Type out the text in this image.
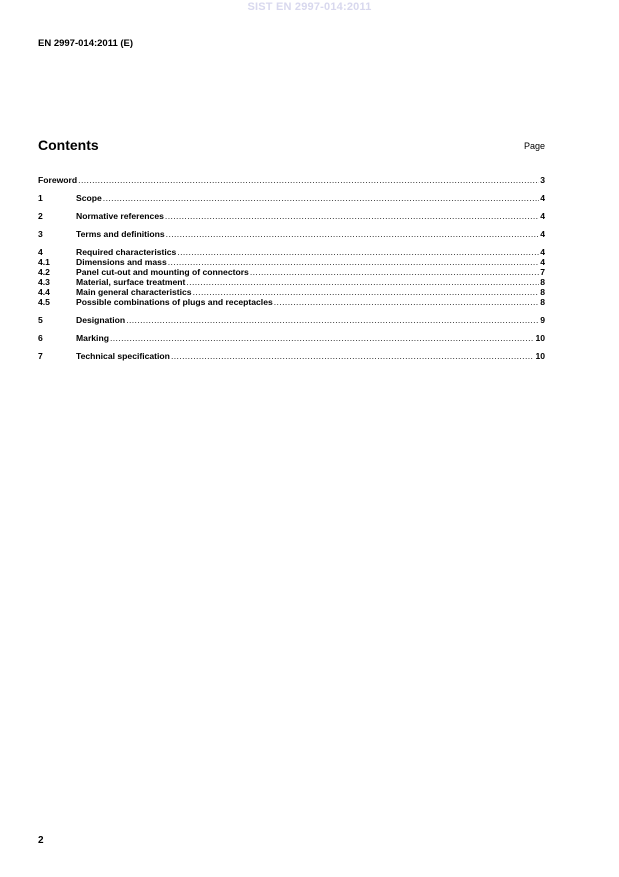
SIST EN 2997-014:2011
EN 2997-014:2011 (E)
Contents	Page
Foreword .....	3
1	Scope .....	4
2	Normative references .....	4
3	Terms and definitions .....	4
4	Required characteristics .....	4
4.1	Dimensions and mass .....	4
4.2	Panel cut-out and mounting of connectors .....	7
4.3	Material, surface treatment .....	8
4.4	Main general characteristics .....	8
4.5	Possible combinations of plugs and receptacles .....	8
5	Designation .....	9
6	Marking .....	10
7	Technical specification .....	10
2
